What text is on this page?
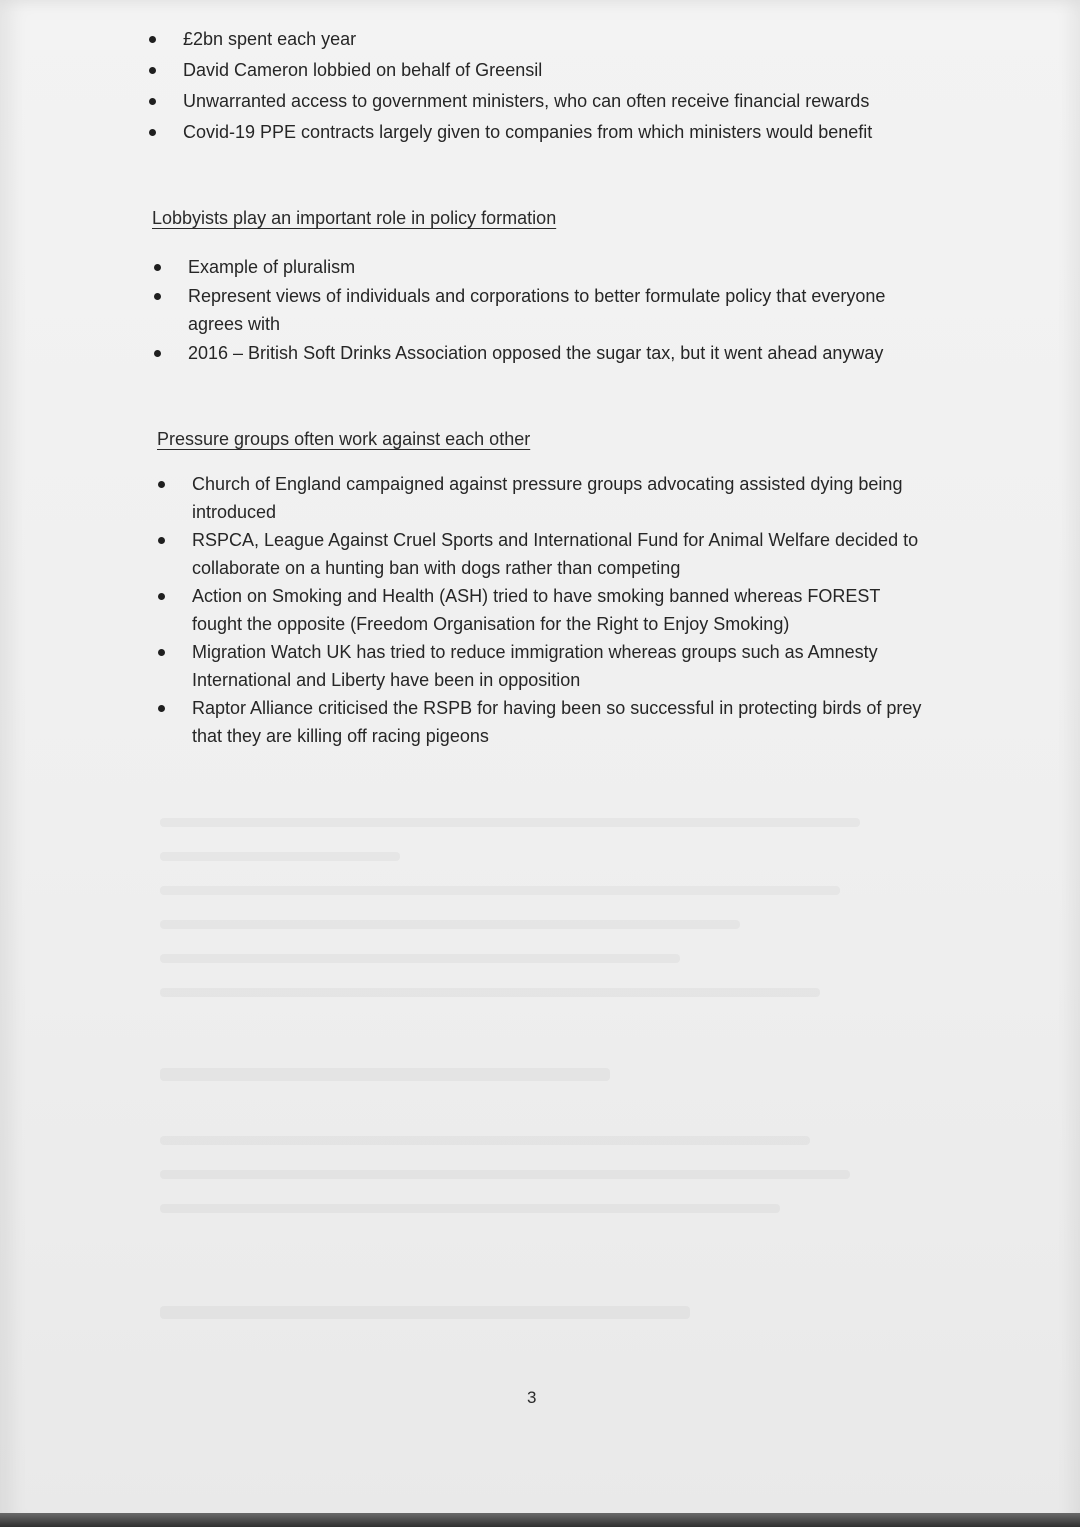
£2bn spent each year
David Cameron lobbied on behalf of Greensil
Unwarranted access to government ministers, who can often receive financial rewards
Covid-19 PPE contracts largely given to companies from which ministers would benefit
Lobbyists play an important role in policy formation
Example of pluralism
Represent views of individuals and corporations to better formulate policy that everyone agrees with
2016 – British Soft Drinks Association opposed the sugar tax, but it went ahead anyway
Pressure groups often work against each other
Church of England campaigned against pressure groups advocating assisted dying being introduced
RSPCA, League Against Cruel Sports and International Fund for Animal Welfare decided to collaborate on a hunting ban with dogs rather than competing
Action on Smoking and Health (ASH) tried to have smoking banned whereas FOREST fought the opposite (Freedom Organisation for the Right to Enjoy Smoking)
Migration Watch UK has tried to reduce immigration whereas groups such as Amnesty International and Liberty have been in opposition
Raptor Alliance criticised the RSPB for having been so successful in protecting birds of prey that they are killing off racing pigeons
3
